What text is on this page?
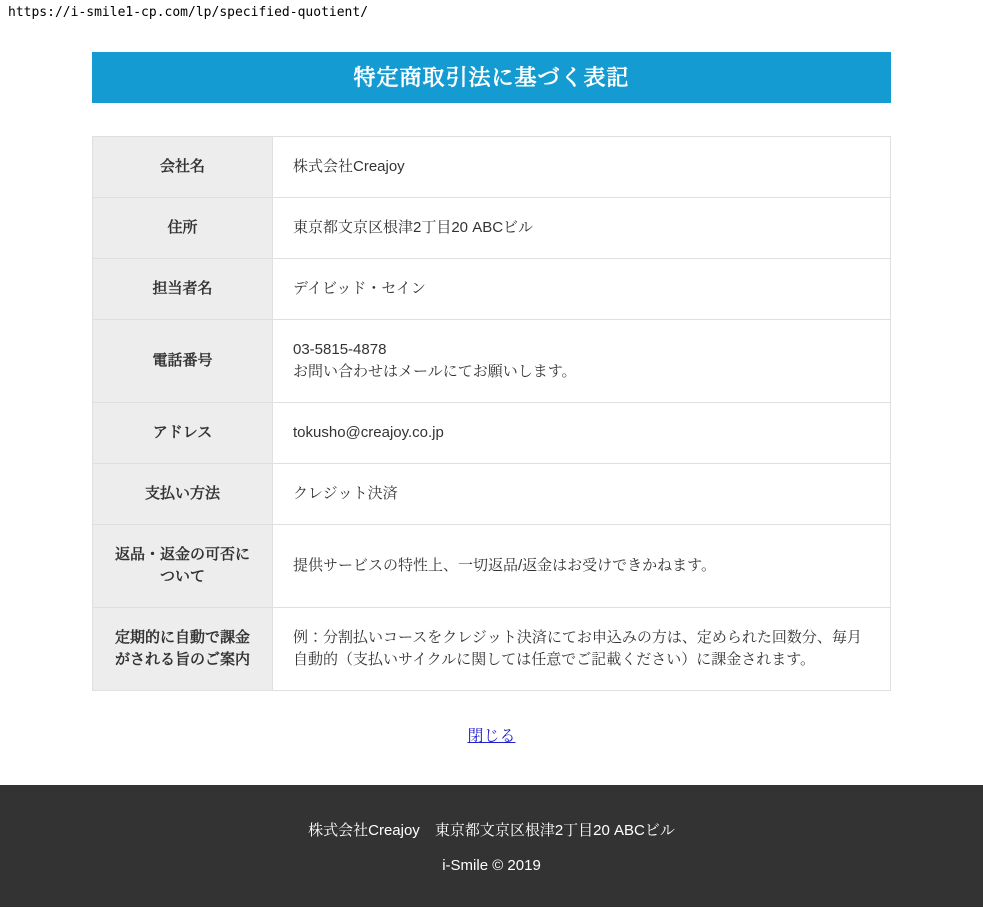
https://i-smile1-cp.com/lp/specified-quotient/
特定商取引法に基づく表記
会社名	株式会社Creajoy
住所	東京都文京区根津2丁目20 ABCビル
担当者名	デイビッド・セイン
電話番号	03-5815-4878
お問い合わせはメールにてお願いします。

アドレス	tokusho@creajoy.co.jp
支払い方法	クレジット決済
返品・返金の可否について	提供サービスの特性上、一切返品/返金はお受けできかねます。
定期的に自動で課金がされる旨のご案内	例：分割払いコースをクレジット決済にてお申込みの方は、定められた回数分、毎月自動的（支払いサイクルに関しては任意でご記載ください）に課金されます。
閉じる
株式会社Creajoy　東京都文京区根津2丁目20 ABCビル
i-Smile © 2019
